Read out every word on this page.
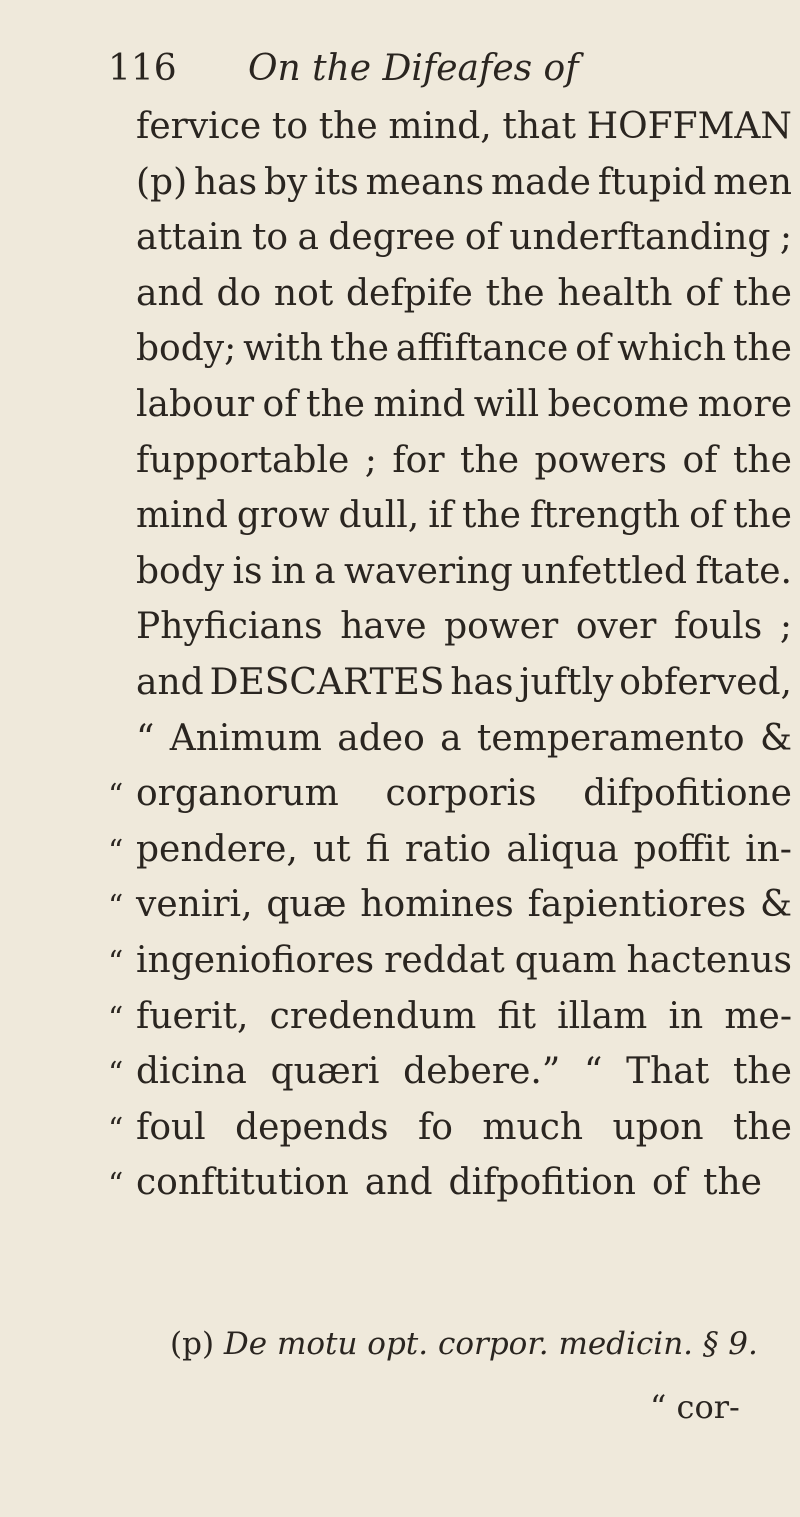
116 On the Difeafes of
fervice to the mind, that HOFFMAN
(p) has by its means made ftupid men
attain to a degree of underftanding ;
and do not defpife the health of the
body; with the affiftance of which the
labour of the mind will become more
fupportable ; for the powers of the
mind grow dull, if the ftrength of the
body is in a wavering unfettled ftate.
Phyficians have power over fouls ;
and DESCARTES has juftly obferved,
“ Animum adeo a temperamento &
“ organorum corporis difpofitione
“ pendere, ut fi ratio aliqua poffit in-
“ veniri, quæ homines fapientiores &
“ ingeniofiores reddat quam hactenus
“ fuerit, credendum fit illam in me-
“ dicina quæri debere.” “ That the
“ foul depends fo much upon the
“ conftitution and difpofition of the
(p) De motu opt. corpor. medicin. § 9.
“ cor-
